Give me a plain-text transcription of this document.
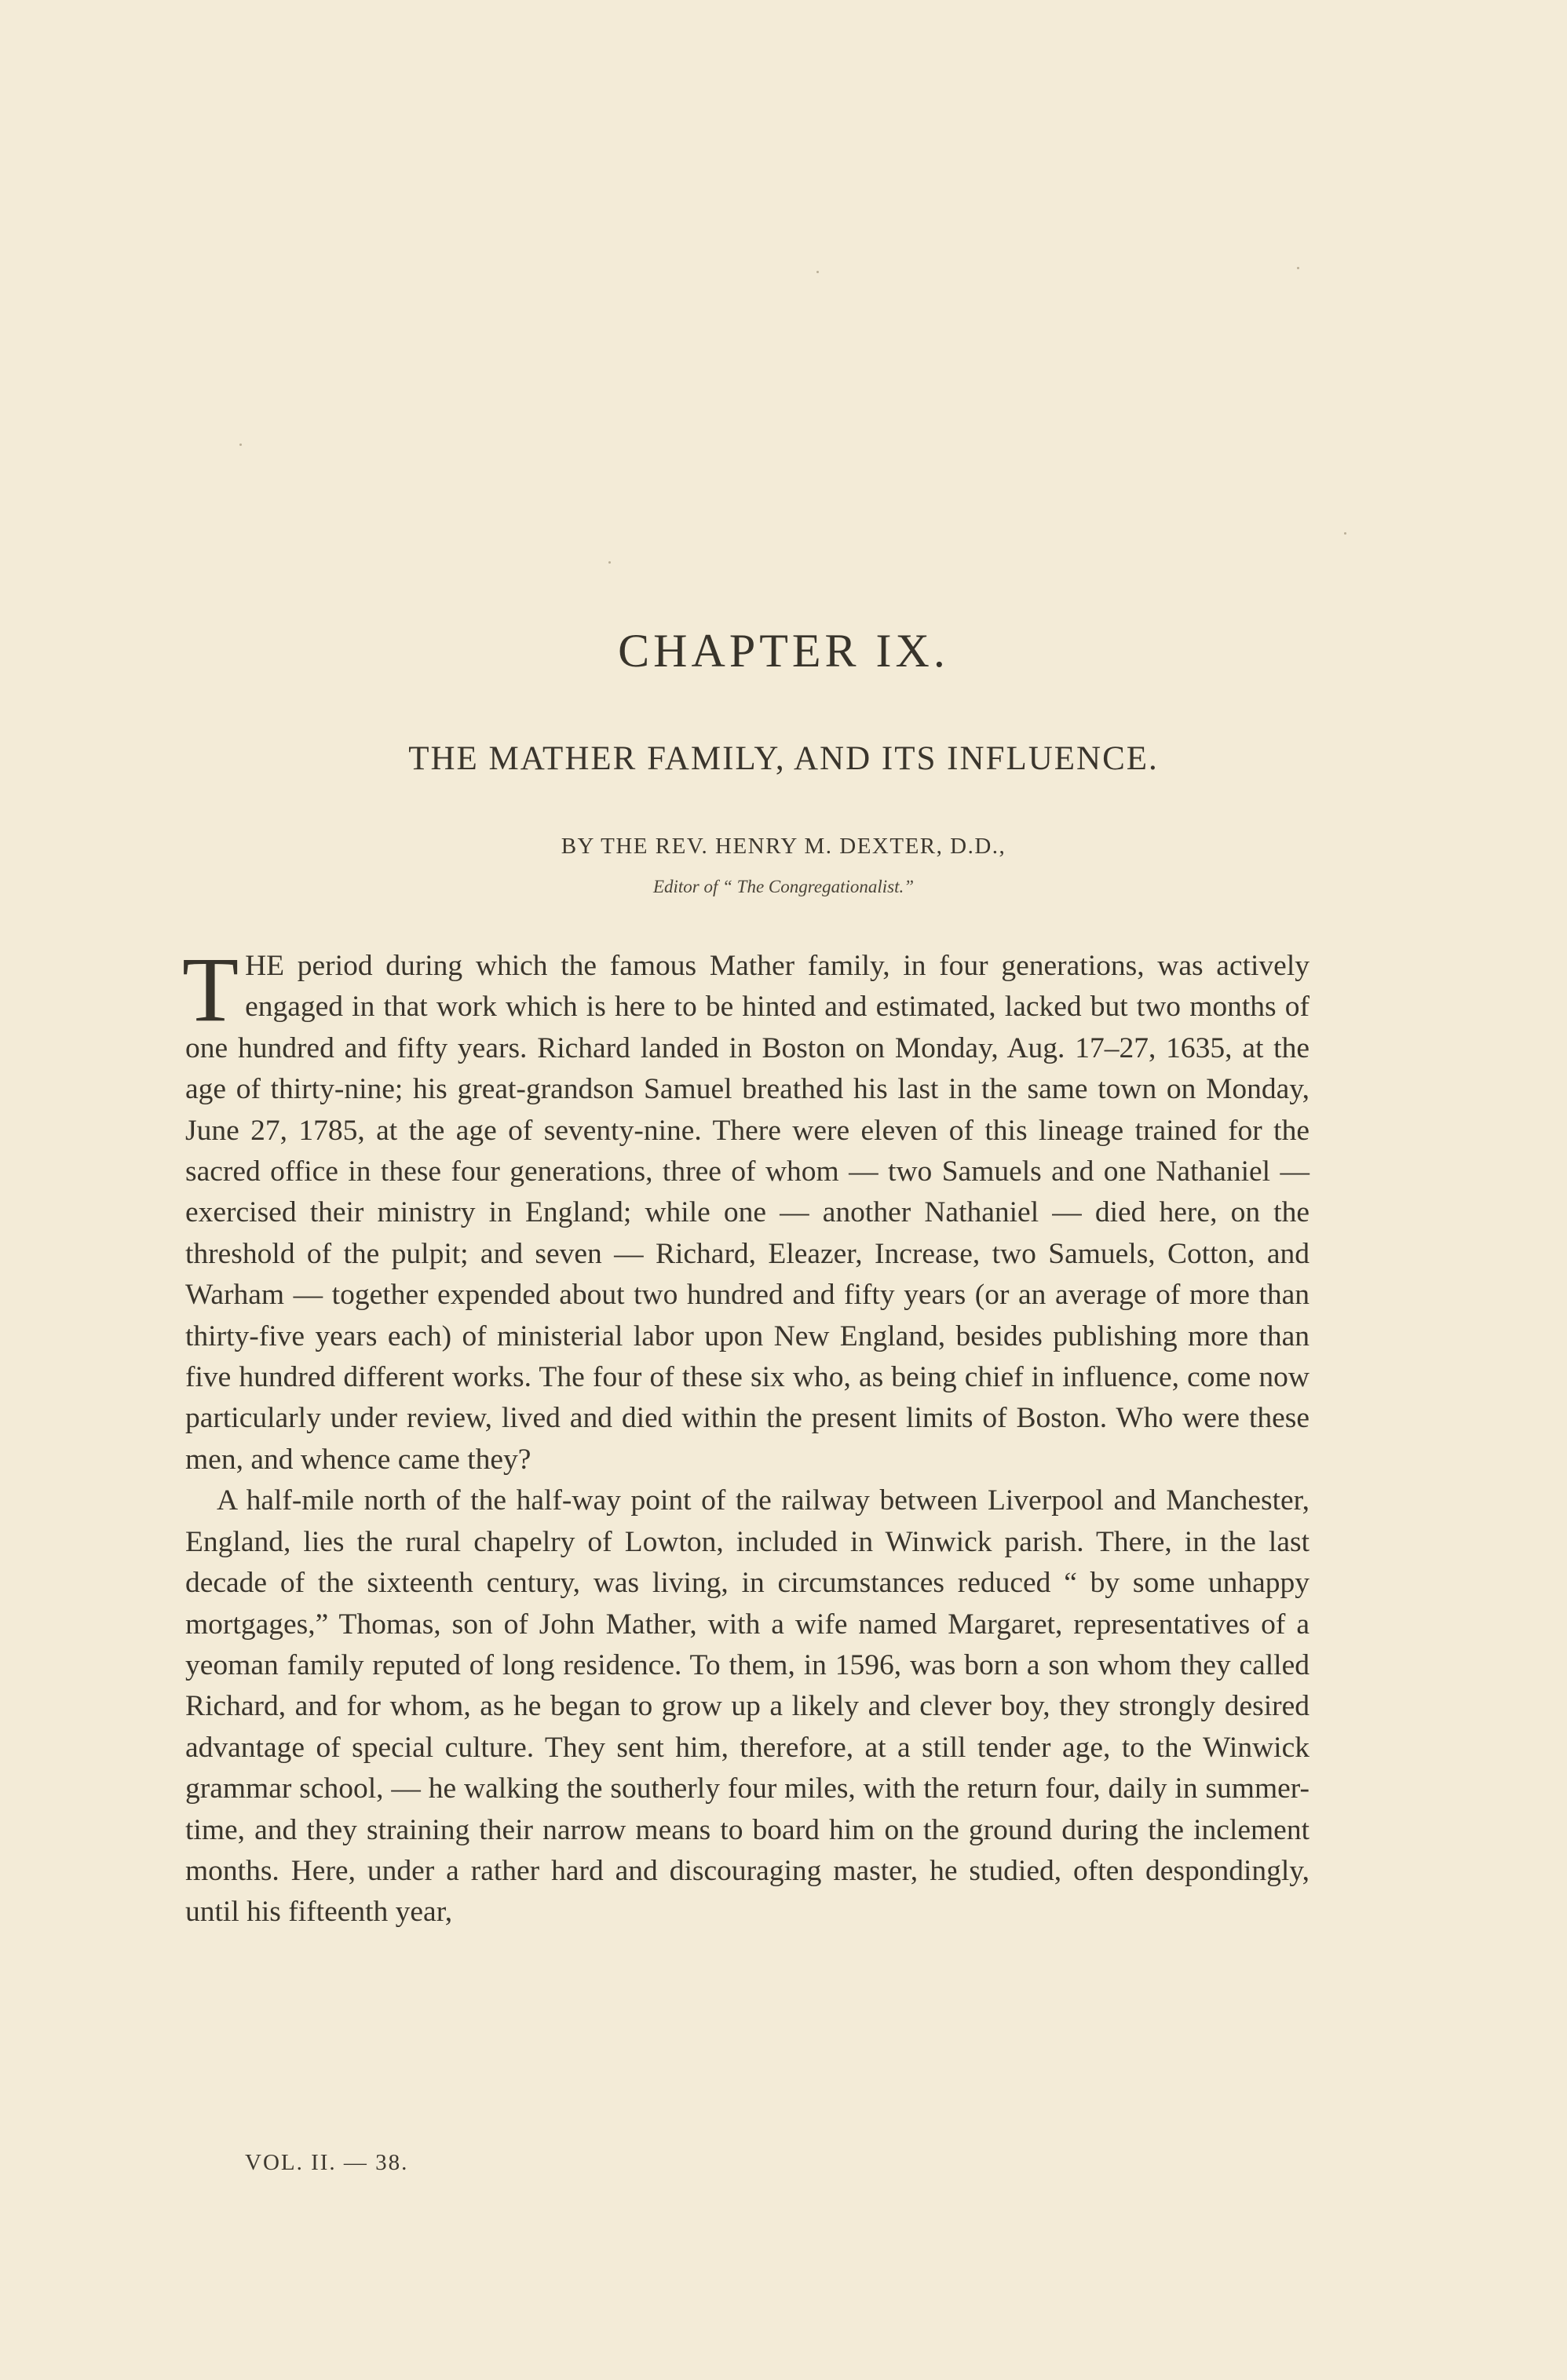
CHAPTER IX.
THE MATHER FAMILY, AND ITS INFLUENCE.
BY THE REV. HENRY M. DEXTER, D.D.,
Editor of “ The Congregationalist.”

THE period during which the famous Mather family, in four generations, was actively engaged in that work which is here to be hinted and estimated, lacked but two months of one hundred and fifty years. Richard landed in Boston on Monday, Aug. 17–27, 1635, at the age of thirty-nine; his great-grandson Samuel breathed his last in the same town on Monday, June 27, 1785, at the age of seventy-nine. There were eleven of this lineage trained for the sacred office in these four generations, three of whom — two Samuels and one Nathaniel — exercised their ministry in England; while one — another Nathaniel — died here, on the threshold of the pulpit; and seven — Richard, Eleazer, Increase, two Samuels, Cotton, and Warham — together expended about two hundred and fifty years (or an average of more than thirty-five years each) of ministerial labor upon New England, besides publishing more than five hundred different works. The four of these six who, as being chief in influence, come now particularly under review, lived and died within the present limits of Boston. Who were these men, and whence came they?

A half-mile north of the half-way point of the railway between Liverpool and Manchester, England, lies the rural chapelry of Lowton, included in Winwick parish. There, in the last decade of the sixteenth century, was living, in circumstances reduced “ by some unhappy mortgages,” Thomas, son of John Mather, with a wife named Margaret, representatives of a yeoman family reputed of long residence. To them, in 1596, was born a son whom they called Richard, and for whom, as he began to grow up a likely and clever boy, they strongly desired advantage of special culture. They sent him, therefore, at a still tender age, to the Winwick grammar school, — he walking the southerly four miles, with the return four, daily in summer-time, and they straining their narrow means to board him on the ground during the inclement months. Here, under a rather hard and discouraging master, he studied, often despondingly, until his fifteenth year,

VOL. II. — 38.
